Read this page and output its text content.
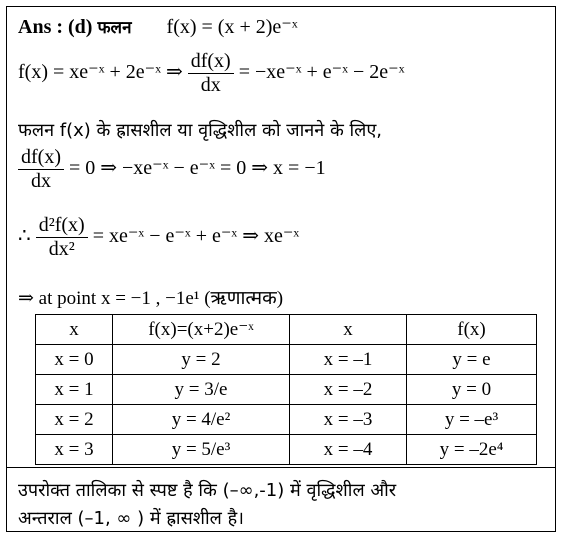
Ans : (d) फलन f(x) = (x + 2)e⁻ˣ
f(x) = xe⁻ˣ + 2e⁻ˣ ⇒ $\frac{df(x)}{dx}$ = −xe⁻ˣ + e⁻ˣ − 2e⁻ˣ
फलन f(x) के ह्रासशील या वृद्धिशील को जानने के लिए,
$\frac{df(x)}{dx} = 0$ ⇒ −xe⁻ˣ − e⁻ˣ = 0 ⇒ x = −1
∴ $\frac{\text{d²f(x)}}{\text{dx²}}$ = xe⁻ˣ − e⁻ˣ + e⁻ˣ ⇒ xe⁻ˣ
⇒ at point x = −1 , −1e¹ (ऋणात्मक)
x	f(x)=(x+2)e⁻ˣ	x	f(x)
x = 0	y = 2	x = –1	y = e
x = 1	y = 3/e	x = –2	y = 0
x = 2	y = 4/e²	x = –3	y = –e³
x = 3	y = 5/e³	x = –4	y = –2e⁴
उपरोक्त तालिका से स्पष्ट है कि (–∞,-1) में वृद्धिशील और
अन्तराल (–1, ∞ ) में ह्रासशील है।
